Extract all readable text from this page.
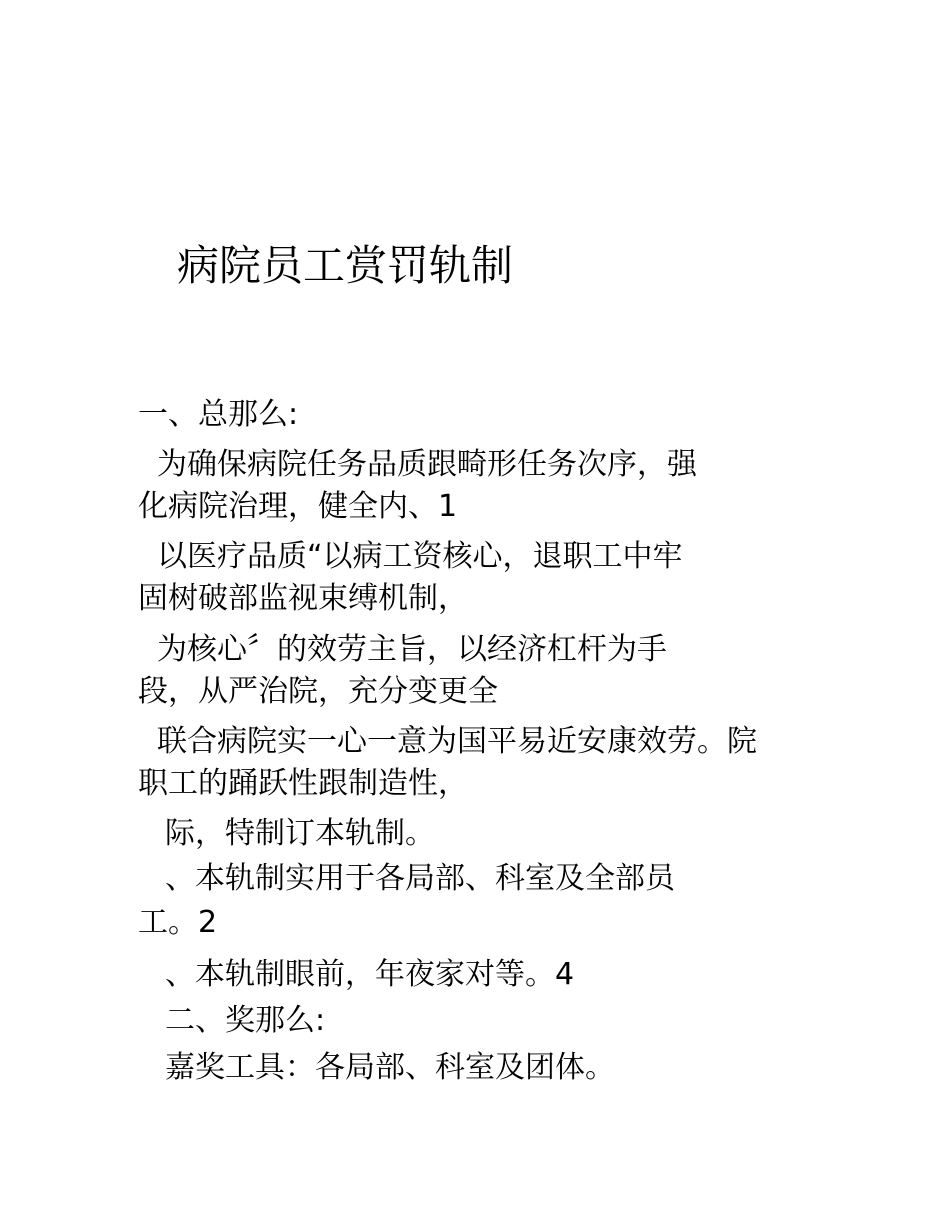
病院员工赏罚轨制
一、总那么:
为确保病院任务品质跟畸形任务次序，强
化病院治理，健全内、1
以医疗品质“以病工资核心，退职工中牢
固树破部监视束缚机制，
为核心〞的效劳主旨，以经济杠杆为手
段，从严治院，充分变更全
联合病院实一心一意为国平易近安康效劳。院
职工的踊跃性跟制造性，
际，特制订本轨制。
、本轨制实用于各局部、科室及全部员
工。2
、本轨制眼前，年夜家对等。4
二、奖那么:
嘉奖工具：各局部、科室及团体。
